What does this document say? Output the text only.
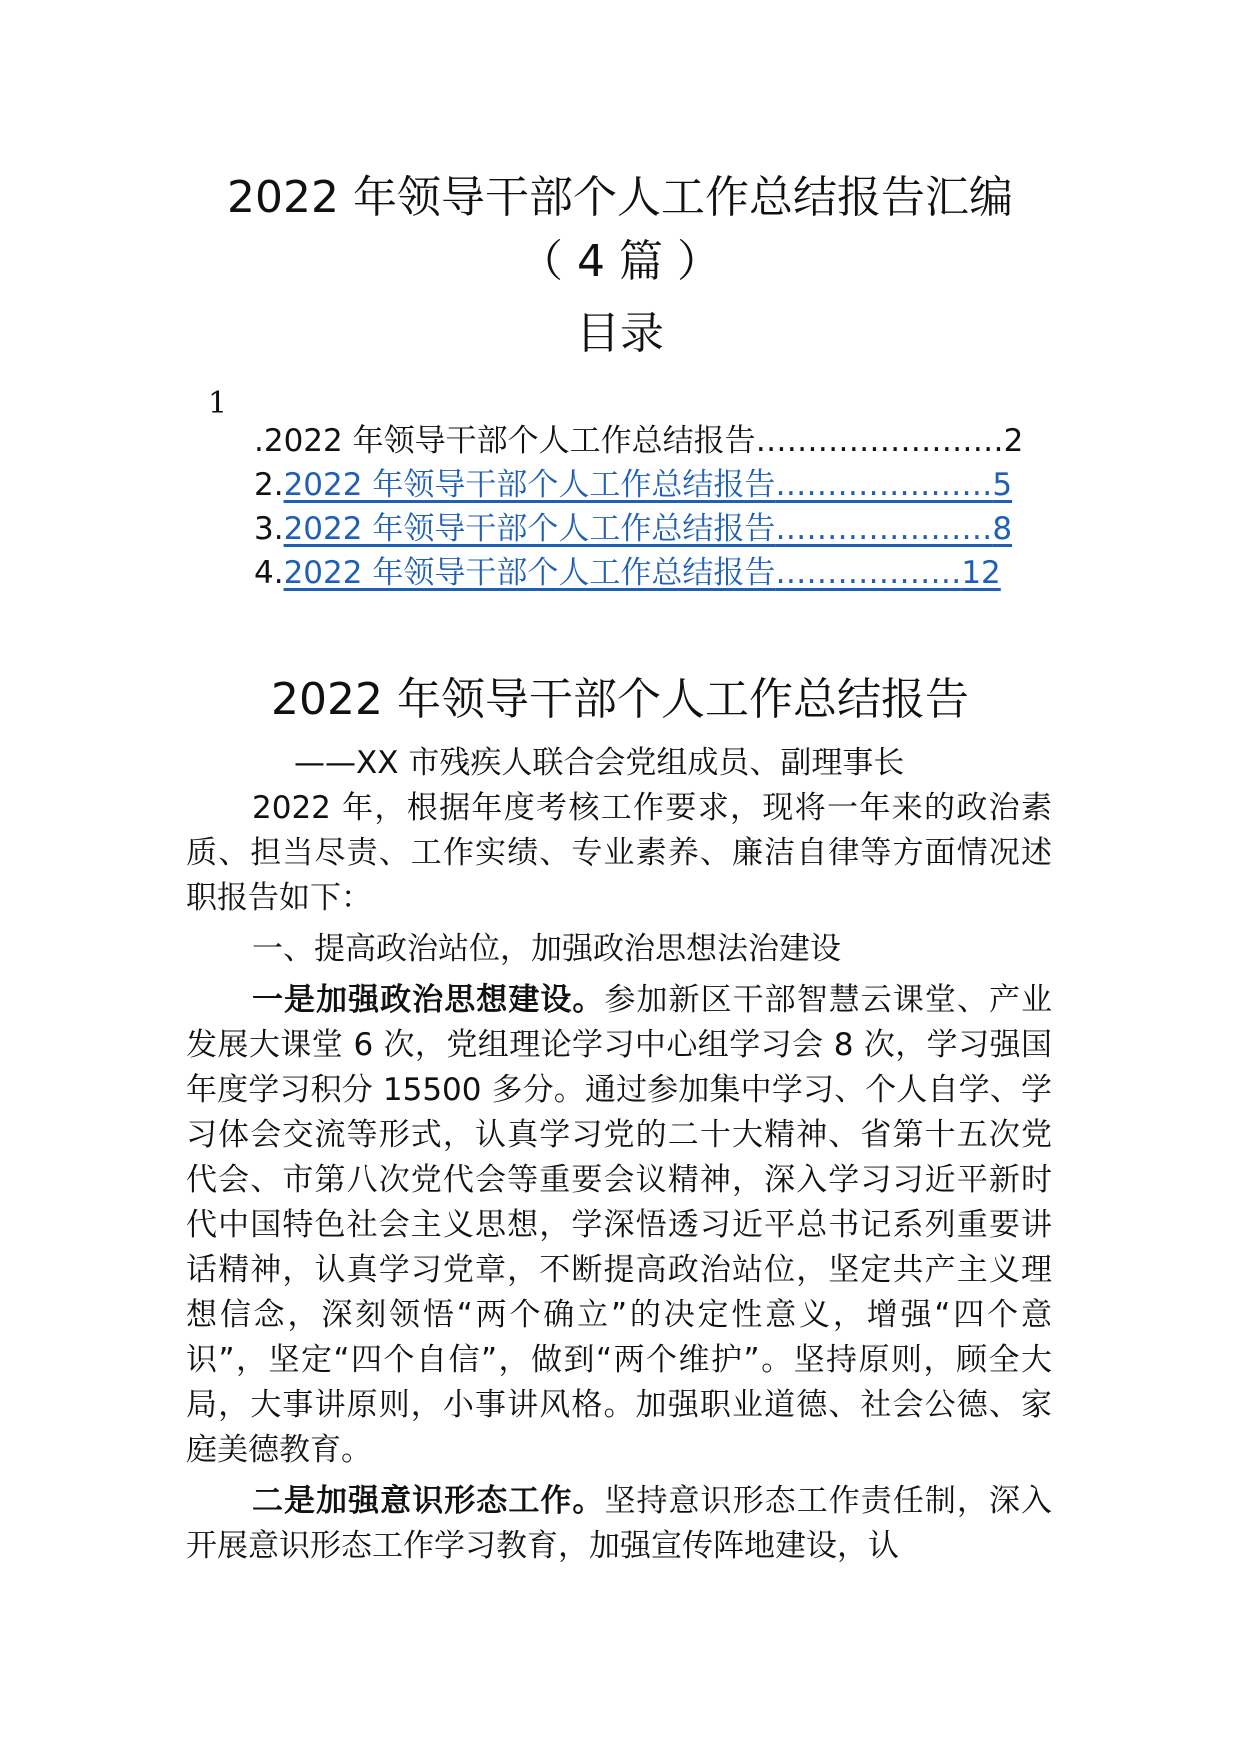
2022 年领导干部个人工作总结报告汇编
（ 4 篇 ）
目录
1
.2022 年领导干部个人工作总结报告……………………2
2.2022 年领导干部个人工作总结报告…………………5
3.2022 年领导干部个人工作总结报告…………………8
4.2022 年领导干部个人工作总结报告………………12
2022 年领导干部个人工作总结报告
——XX 市残疾人联合会党组成员、副理事长

2022 年，根据年度考核工作要求，现将一年来的政治素质、担当尽责、工作实绩、专业素养、廉洁自律等方面情况述职报告如下：

一、提高政治站位，加强政治思想法治建设

一是加强政治思想建设。参加新区干部智慧云课堂、产业发展大课堂 6 次，党组理论学习中心组学习会 8 次，学习强国年度学习积分 15500 多分。通过参加集中学习、个人自学、学习体会交流等形式，认真学习党的二十大精神、省第十五次党代会、市第八次党代会等重要会议精神，深入学习习近平新时代中国特色社会主义思想，学深悟透习近平总书记系列重要讲话精神，认真学习党章，不断提高政治站位，坚定共产主义理想信念，深刻领悟“两个确立”的决定性意义，增强“四个意识”，坚定“四个自信”，做到“两个维护”。坚持原则，顾全大局，大事讲原则，小事讲风格。加强职业道德、社会公德、家庭美德教育。

二是加强意识形态工作。坚持意识形态工作责任制，深入开展意识形态工作学习教育，加强宣传阵地建设，认
